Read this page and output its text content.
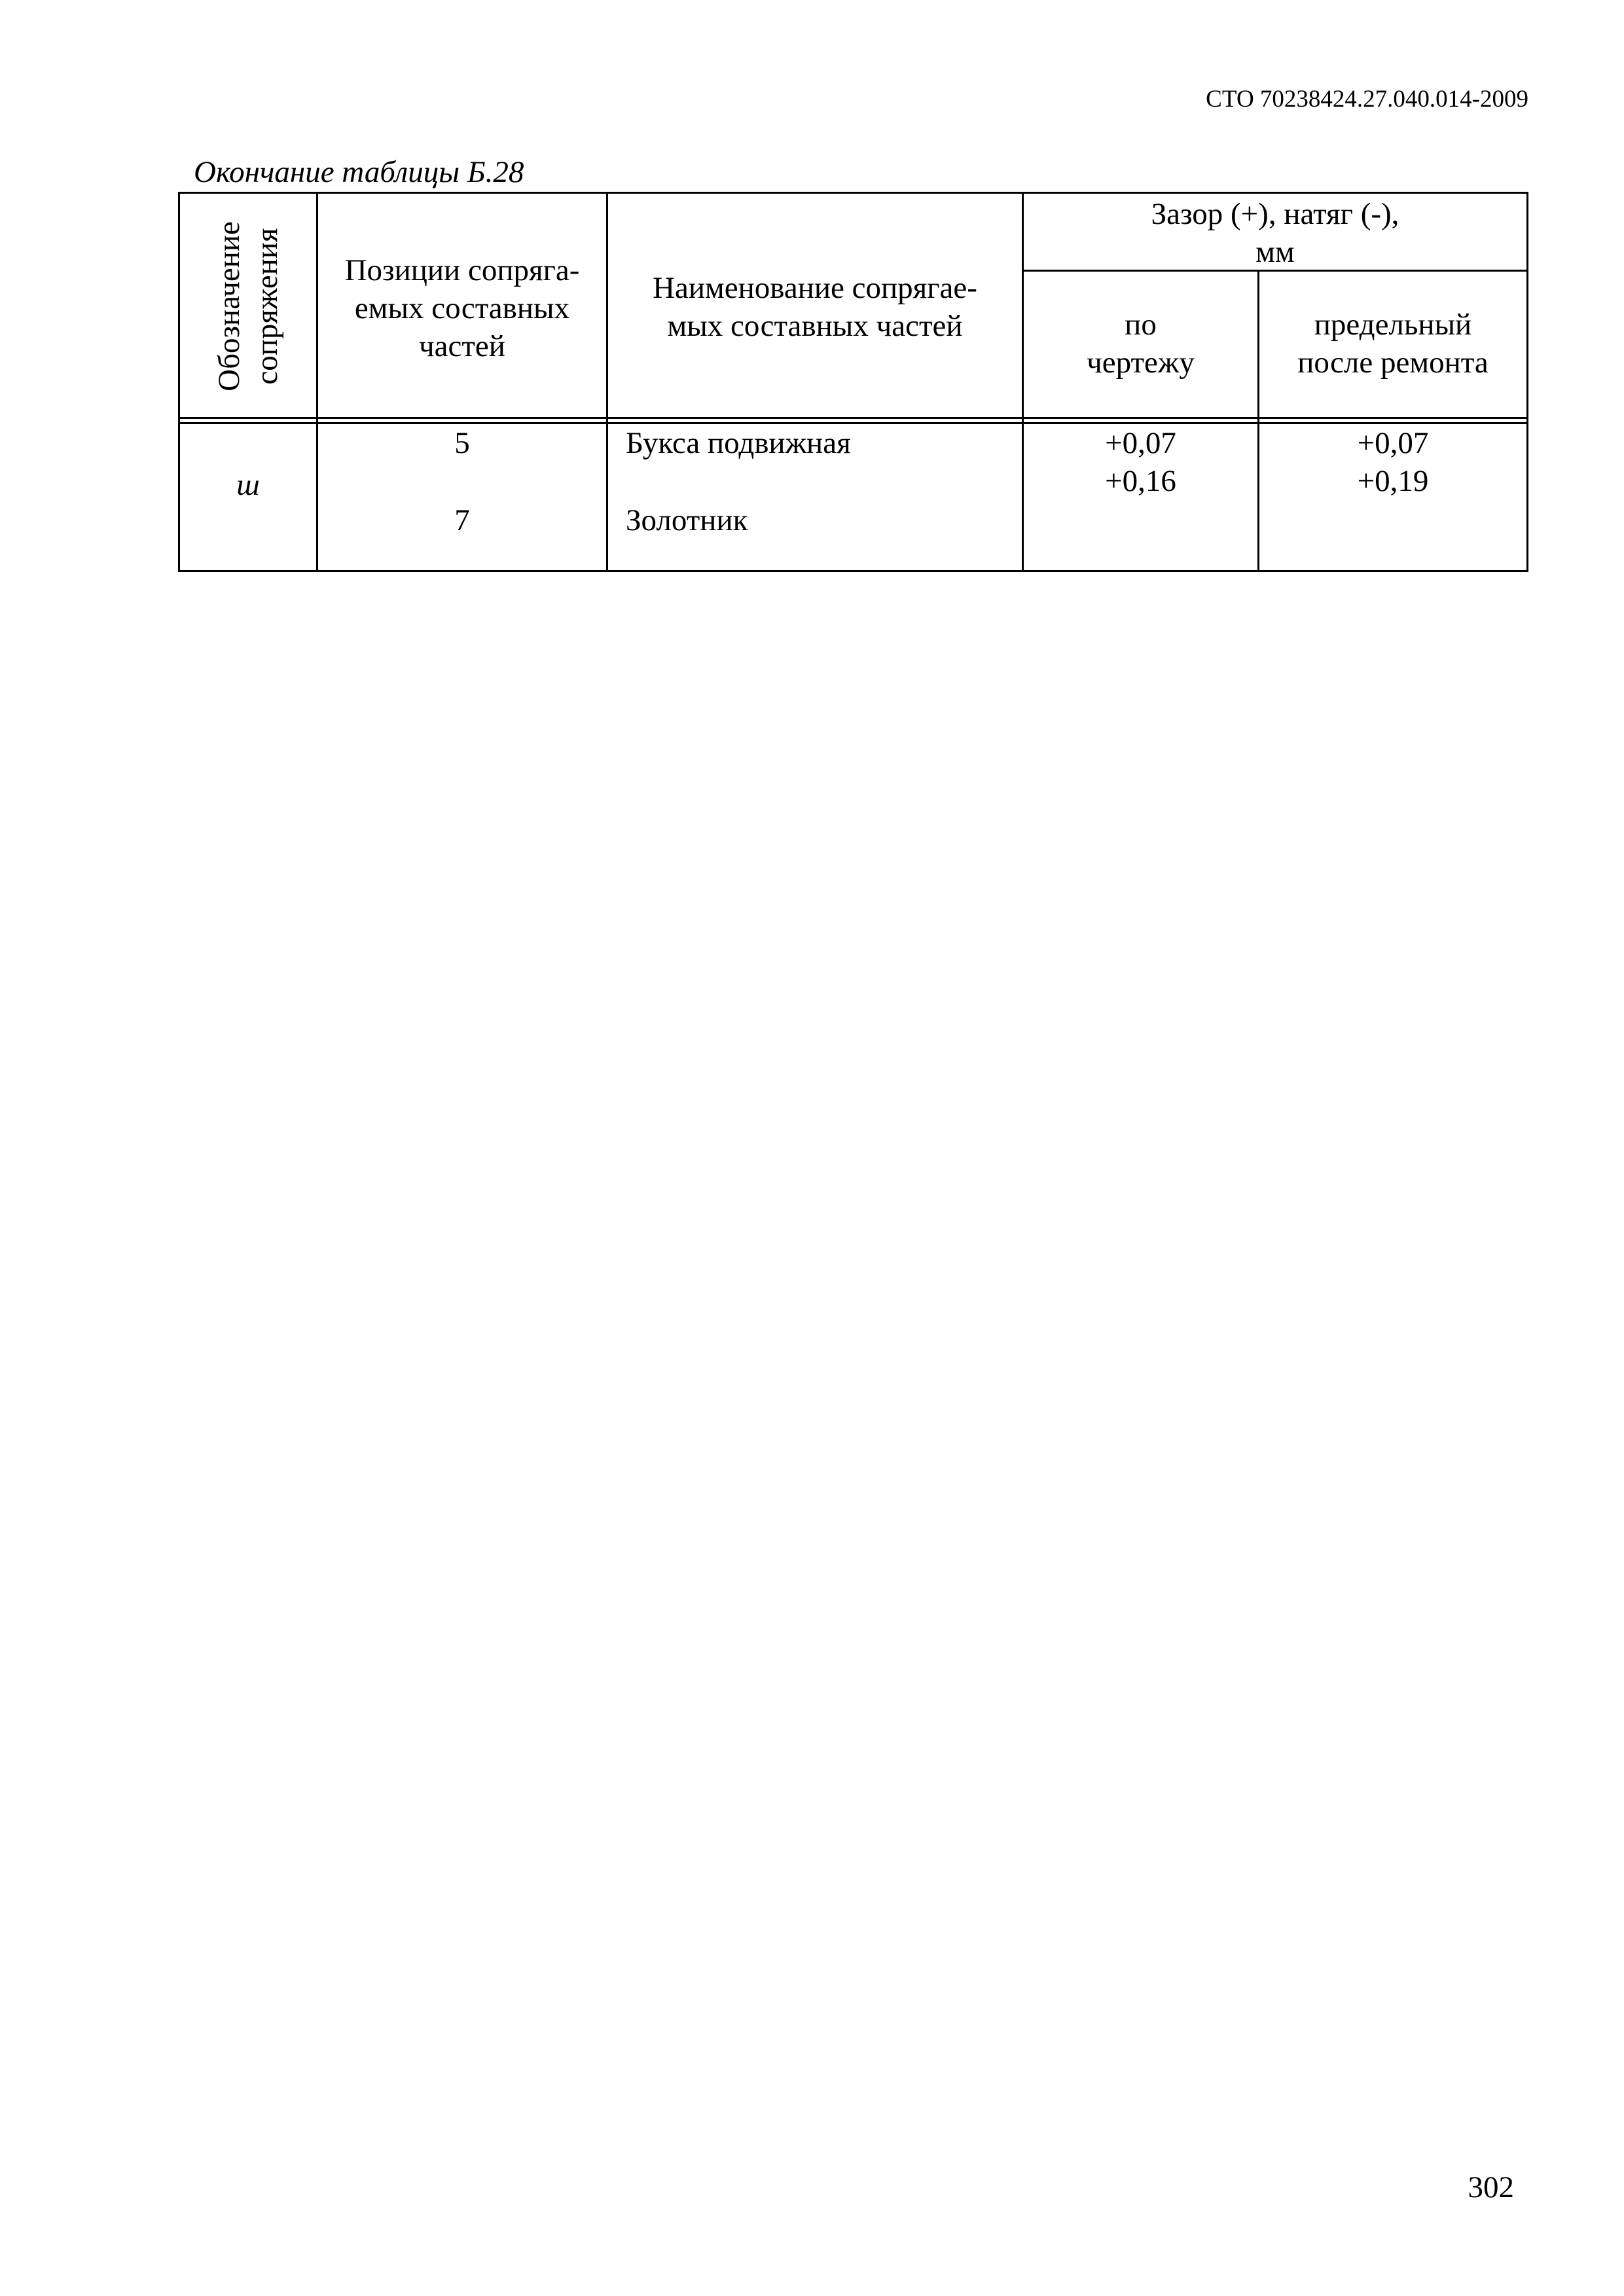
СТО 70238424.27.040.014-2009
Окончание таблицы Б.28
Обозначение сопряжения	Позиции сопряга-
емых составных
частей
Наименование сопрягае-
мых составных частей
Зазор (+), натяг (-),
мм
по
чертежу
предельный
после ремонта
ш
5
7
Букса подвижная
Золотник
+0,07
+0,16
+0,07
+0,19
302
